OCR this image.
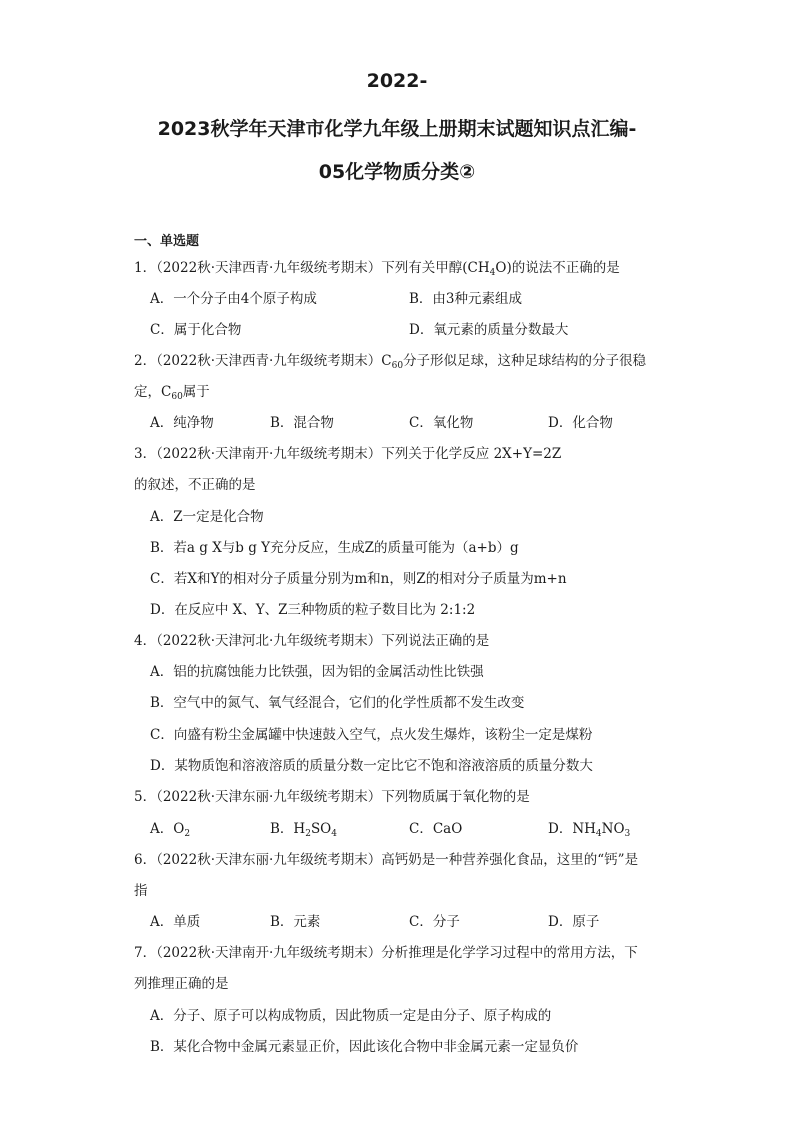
2022-
2023秋学年天津市化学九年级上册期末试题知识点汇编-
05化学物质分类②
一、单选题
1．（2022秋·天津西青·九年级统考期末）下列有关甲醇$(CH_4O)$的说法不正确的是
A．一个分子由4个原子构成	B．由3种元素组成
C．属于化合物	D．氧元素的质量分数最大
2．（2022秋·天津西青·九年级统考期末）$C_{60}$分子形似足球，这种足球结构的分子很稳
定，$C_{60}$属于
A．纯净物	B．混合物	C．氧化物	D．化合物
3．（2022秋·天津南开·九年级统考期末）下列关于化学反应 2X+Y=2Z
的叙述，不正确的是
A．Z一定是化合物
B．若a g X与b g Y充分反应，生成Z的质量可能为（a+b）g
C．若X和Y的相对分子质量分别为m和n，则Z的相对分子质量为m+n
D．在反应中 X、Y、Z三种物质的粒子数目比为 2:1:2
4．（2022秋·天津河北·九年级统考期末）下列说法正确的是
A．铝的抗腐蚀能力比铁强，因为铝的金属活动性比铁强
B．空气中的氮气、氧气经混合，它们的化学性质都不发生改变
C．向盛有粉尘金属罐中快速鼓入空气，点火发生爆炸，该粉尘一定是煤粉
D．某物质饱和溶液溶质的质量分数一定比它不饱和溶液溶质的质量分数大
5．（2022秋·天津东丽·九年级统考期末）下列物质属于氧化物的是
A．$O_2$	B．$H_2SO_4$	C．CaO	D．$NH_4NO_3$
6．（2022秋·天津东丽·九年级统考期末）高钙奶是一种营养强化食品，这里的“钙”是
指
A．单质	B．元素	C．分子	D．原子
7．（2022秋·天津南开·九年级统考期末）分析推理是化学学习过程中的常用方法，下
列推理正确的是
A．分子、原子可以构成物质，因此物质一定是由分子、原子构成的
B．某化合物中金属元素显正价，因此该化合物中非金属元素一定显负价
